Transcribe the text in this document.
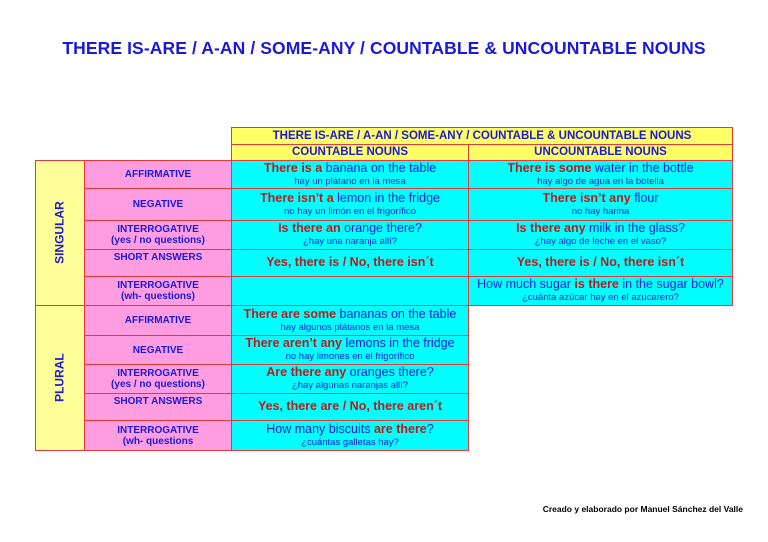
THERE IS-ARE / A-AN / SOME-ANY / COUNTABLE & UNCOUNTABLE NOUNS
THERE IS-ARE / A-AN / SOME-ANY / COUNTABLE & UNCOUNTABLE NOUNS
COUNTABLE NOUNS	UNCOUNTABLE NOUNS
SINGULAR
PLURAL
AFFIRMATIVE
NEGATIVE
INTERROGATIVE
(yes / no questions)
SHORT ANSWERS
INTERROGATIVE
(wh- questions)
There is a banana on the table
hay un plátano en la mesa
There isn’t a lemon in the fridge
no hay un limón en el frigorífico
Is there an orange there?
¿hay una naranja allí?
Yes, there is / No, there isn´t
There is some water in the bottle
hay algo de agua en la botella
There isn’t any flour
no hay harina
Is there any milk in the glass?
¿hay algo de leche en el vaso?
Yes, there is / No, there isn´t
How much sugar is there in the sugar bowl?
¿cuánta azúcar hay en el azucarero?
AFFIRMATIVE
NEGATIVE
INTERROGATIVE
(yes / no questions)
SHORT ANSWERS
INTERROGATIVE
(wh- questions
There are some bananas on the table
hay algunos plátanos en la mesa
There aren’t any lemons in the fridge
no hay limones en el frigorífico
Are there any oranges there?
¿hay algunas naranjas allí?
Yes, there are / No, there aren´t
How many biscuits are there?
¿cuántas galletas hay?
Creado y elaborado por Manuel Sánchez del Valle
